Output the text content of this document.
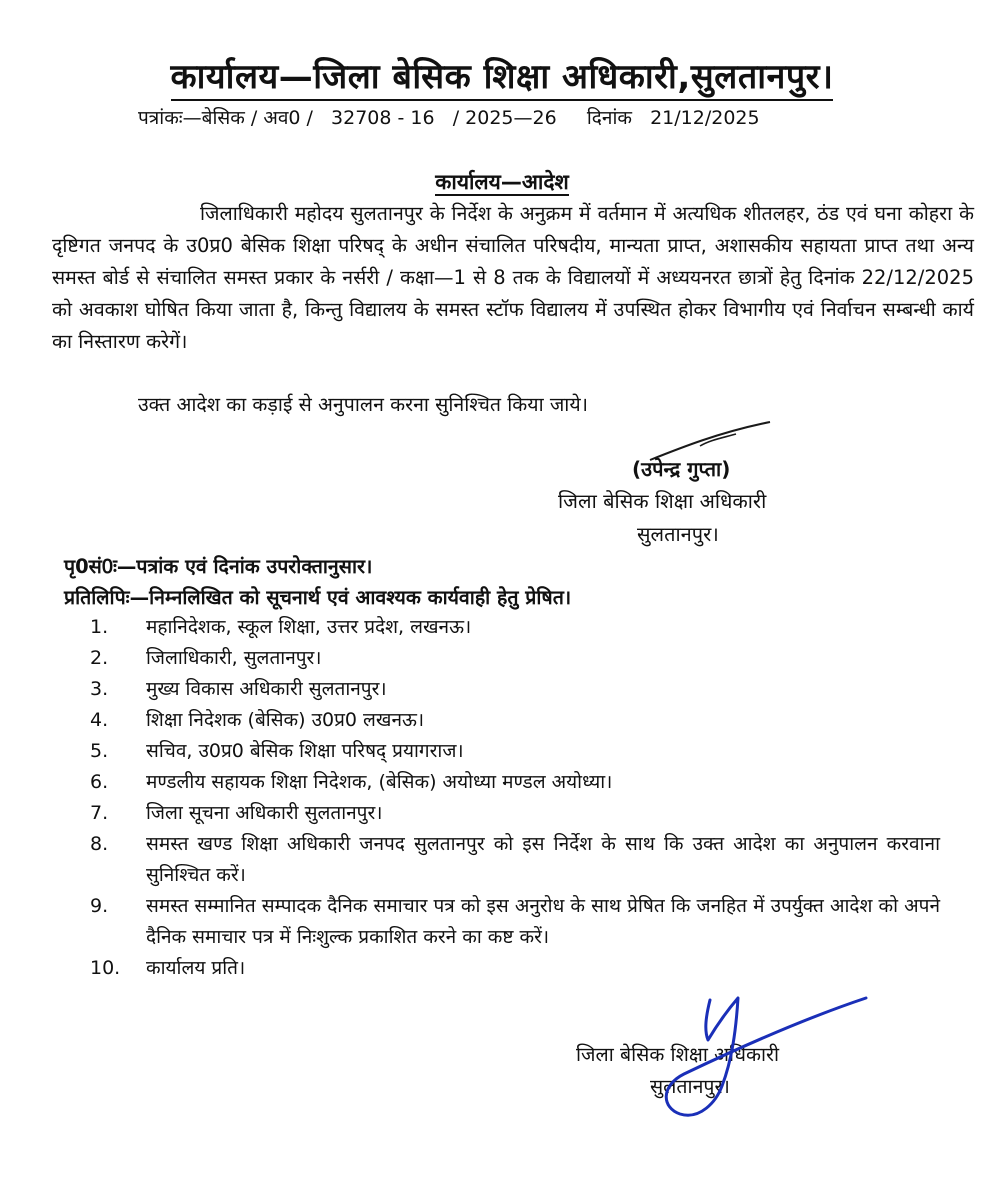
कार्यालय—जिला बेसिक शिक्षा अधिकारी,सुलतानपुर।
पत्रांकः—बेसिक / अव0 /   32708 - 16   / 2025—26     दिनांक   21/12/2025
कार्यालय—आदेश

जिलाधिकारी महोदय सुलतानपुर के निर्देश के अनुक्रम में वर्तमान में अत्यधिक शीतलहर, ठंड एवं घना कोहरा के दृष्टिगत जनपद के उ0प्र0 बेसिक शिक्षा परिषद् के अधीन संचालित परिषदीय, मान्यता प्राप्त, अशासकीय सहायता प्राप्त तथा अन्य समस्त बोर्ड से संचालित समस्त प्रकार के नर्सरी / कक्षा—1 से 8 तक के विद्यालयों में अध्ययनरत छात्रों हेतु दिनांक 22/12/2025 को अवकाश घोषित किया जाता है, किन्तु विद्यालय के समस्त स्टॉफ विद्यालय में उपस्थित होकर विभागीय एवं निर्वाचन सम्बन्धी कार्य का निस्तारण करेगें।

उक्त आदेश का कड़ाई से अनुपालन करना सुनिश्चित किया जाये।

(उपेन्द्र गुप्ता)
जिला बेसिक शिक्षा अधिकारी
सुलतानपुर।
पृ0सं0ः—पत्रांक एवं दिनांक उपरोक्तानुसार।
प्रतिलिपिः—निम्नलिखित को सूचनार्थ एवं आवश्यक कार्यवाही हेतु प्रेषित।
1.	महानिदेशक, स्कूल शिक्षा, उत्तर प्रदेश, लखनऊ।
2.	जिलाधिकारी, सुलतानपुर।
3.	मुख्य विकास अधिकारी सुलतानपुर।
4.	शिक्षा निदेशक (बेसिक) उ0प्र0 लखनऊ।
5.	सचिव, उ0प्र0 बेसिक शिक्षा परिषद् प्रयागराज।
6.	मण्डलीय सहायक शिक्षा निदेशक, (बेसिक) अयोध्या मण्डल अयोध्या।
7.	जिला सूचना अधिकारी सुलतानपुर।
8.	समस्त खण्ड शिक्षा अधिकारी जनपद सुलतानपुर को इस निर्देश के साथ कि उक्त आदेश का अनुपालन करवाना सुनिश्चित करें।
9.	समस्त सम्मानित सम्पादक दैनिक समाचार पत्र को इस अनुरोध के साथ प्रेषित कि जनहित में उपर्युक्त आदेश को अपने दैनिक समाचार पत्र में निःशुल्क प्रकाशित करने का कष्ट करें।
10.	कार्यालय प्रति।
जिला बेसिक शिक्षा अधिकारी
सुलतानपुर।
